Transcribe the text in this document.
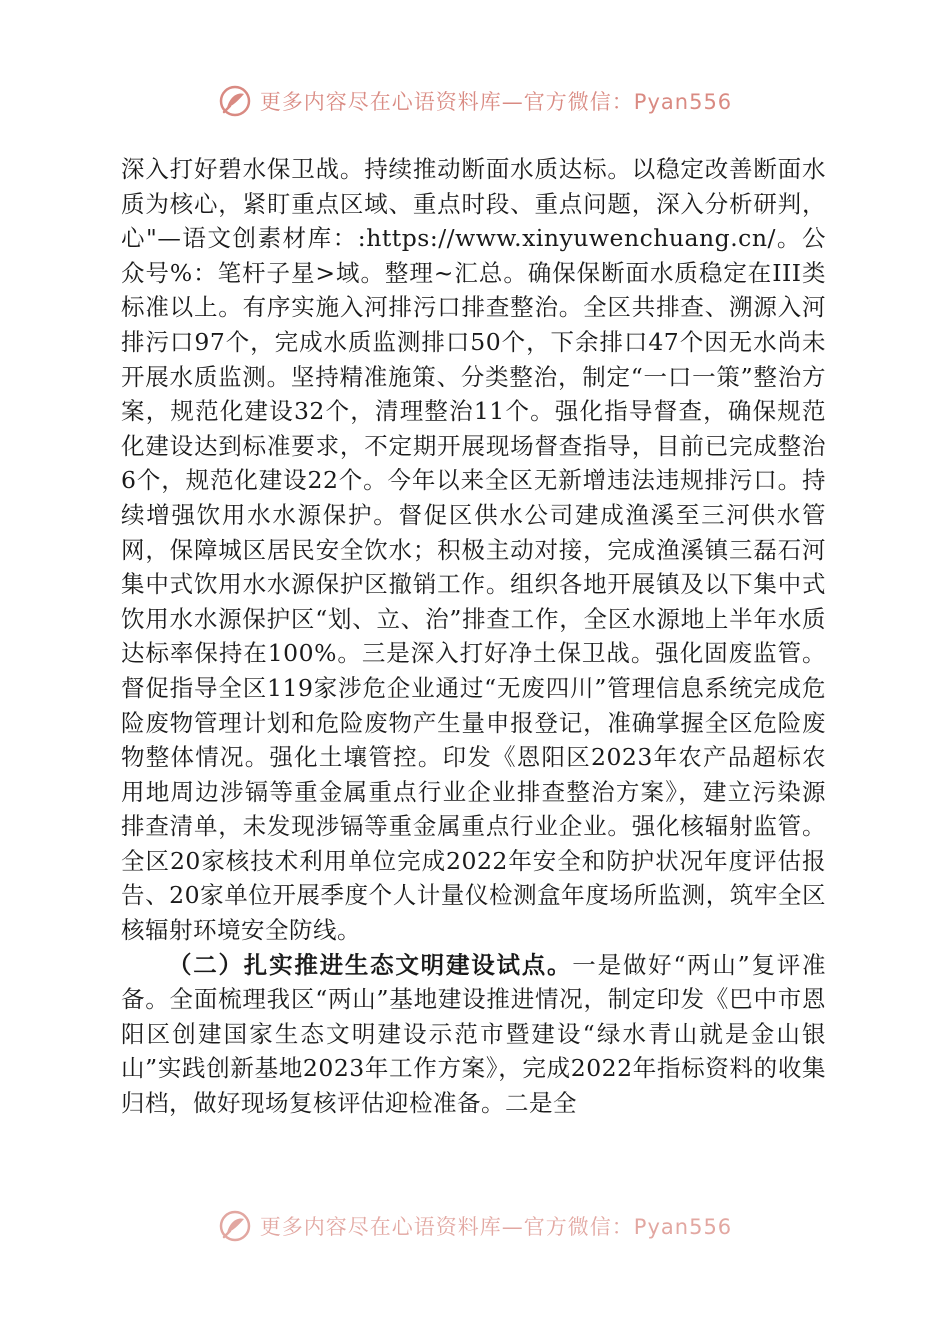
更多内容尽在心语资料库—官方微信：Pyan556

深入打好碧水保卫战。持续推动断面水质达标。以稳定改善断面水质为核心，紧盯重点区域、重点时段、重点问题，深入分析研判，心"—语文创素材库：:https://www.xinyuwenchuang.cn/。公众号%：笔杆子星>域。整理~汇总。确保保断面水质稳定在III类标准以上。有序实施入河排污口排查整治。全区共排查、溯源入河排污口97个，完成水质监测排口50个，下余排口47个因无水尚未开展水质监测。坚持精准施策、分类整治，制定“一口一策”整治方案，规范化建设32个，清理整治11个。强化指导督查，确保规范化建设达到标准要求，不定期开展现场督查指导，目前已完成整治6个，规范化建设22个。今年以来全区无新增违法违规排污口。持续增强饮用水水源保护。督促区供水公司建成渔溪至三河供水管网，保障城区居民安全饮水；积极主动对接，完成渔溪镇三磊石河集中式饮用水水源保护区撤销工作。组织各地开展镇及以下集中式饮用水水源保护区“划、立、治”排查工作，全区水源地上半年水质达标率保持在100%。三是深入打好净土保卫战。强化固废监管。督促指导全区119家涉危企业通过“无废四川”管理信息系统完成危险废物管理计划和危险废物产生量申报登记，准确掌握全区危险废物整体情况。强化土壤管控。印发《恩阳区2023年农产品超标农用地周边涉镉等重金属重点行业企业排查整治方案》，建立污染源排查清单，未发现涉镉等重金属重点行业企业。强化核辐射监管。全区20家核技术利用单位完成2022年安全和防护状况年度评估报告、20家单位开展季度个人计量仪检测盒年度场所监测，筑牢全区核辐射环境安全防线。

（二）扎实推进生态文明建设试点。一是做好“两山”复评准备。全面梳理我区“两山”基地建设推进情况，制定印发《巴中市恩阳区创建国家生态文明建设示范市暨建设“绿水青山就是金山银山”实践创新基地2023年工作方案》，完成2022年指标资料的收集归档，做好现场复核评估迎检准备。二是全

更多内容尽在心语资料库—官方微信：Pyan556
